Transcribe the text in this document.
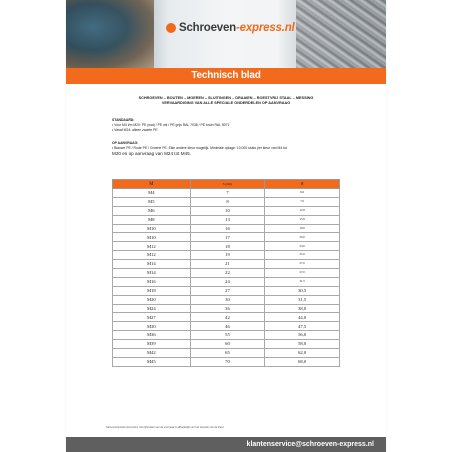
Schroeven-express.nl
Technisch blad
SCHROEVEN – BOUTEN – MOEREN – SLUITINGEN – DRAAIEN – ROESTVRIJ STAAL – MESSING
VERVAARDIGING VAN ALLE SPECIALE ONDERDELEN OP AANVRAAG
STANDAARD:
• Voor M4 t/m M20: PE (wat) / PE wit / PE grijs RAL 7038 / PE bruin RAL 8071
• Vanaf M24: alleen zwarte PE
OP AANVRAAG:
• Blauwe PE / Rode PE / Groene PE. Elke andere kleur mogelijk. Minimale oplage: 10.000 stuks per kleur van M4 tot
M20 en op aanvraag van M24 tot M45.
M	S (mm)	H
M4	7	6.6
M5	8	7.0
M6	10	12.8
M8	13	15.8
M10	16	19.0
M10	17	20.0
M12	18	23.0
M12	19	25.0
M14	21	27.0
M14	22	27.0
M16	24	31.5
M18	27	30,5
M20	30	31,5
M24	36	38,0
M27	42	44,0
M30	46	47,5
M36	55	56,0
M39	60	58,0
M42	65	62,0
M45	70	68,0
Niet-contractueel document, het bijhouden van de voorraad is afhankelijk van het verzoek van de klant.
klantenservice@schroeven-express.nl
